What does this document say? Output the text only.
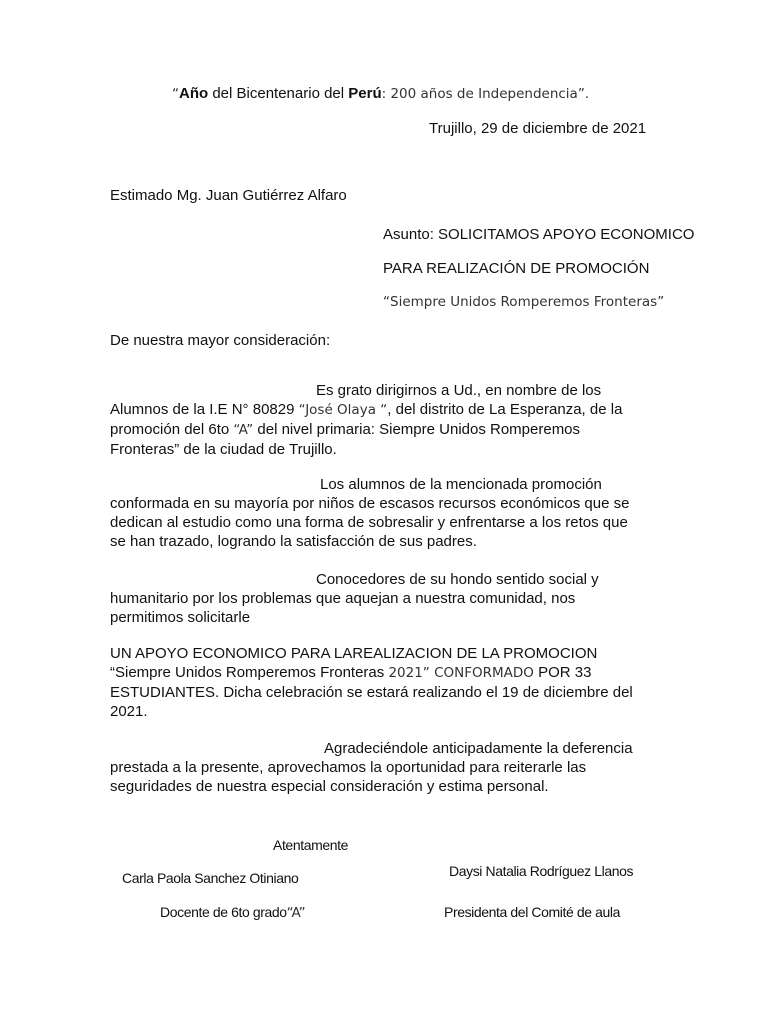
“Año del Bicentenario del Perú: 200 años de Independencia”.
Trujillo, 29 de diciembre de 2021
Estimado Mg. Juan Gutiérrez Alfaro
Asunto: SOLICITAMOS APOYO ECONOMICO
PARA REALIZACIÓN DE PROMOCIÓN
“Siempre Unidos Romperemos Fronteras”
De nuestra mayor consideración:
Es grato dirigirnos a Ud., en nombre de los
Alumnos de la I.E N° 80829 “José Olaya “, del distrito de La Esperanza, de la
promoción del 6to “A” del nivel primaria: Siempre Unidos Romperemos
Fronteras” de la ciudad de Trujillo.
Los alumnos de la mencionada promoción
conformada en su mayoría por niños de escasos recursos económicos que se
dedican al estudio como una forma de sobresalir y enfrentarse a los retos que
se han trazado, logrando la satisfacción de sus padres.
Conocedores de su hondo sentido social y
humanitario por los problemas que aquejan a nuestra comunidad, nos
permitimos solicitarle
UN APOYO ECONOMICO PARA LAREALIZACION DE LA PROMOCION
“Siempre Unidos Romperemos Fronteras 2021” CONFORMADO POR 33
ESTUDIANTES. Dicha celebración se estará realizando el 19 de diciembre del
2021.
Agradeciéndole anticipadamente la deferencia
prestada a la presente, aprovechamos la oportunidad para reiterarle las
seguridades de nuestra especial consideración y estima personal.
Atentamente
Carla Paola Sanchez Otiniano	Daysi Natalia Rodríguez Llanos
Docente de 6to grado“A”	Presidenta del Comité de aula
